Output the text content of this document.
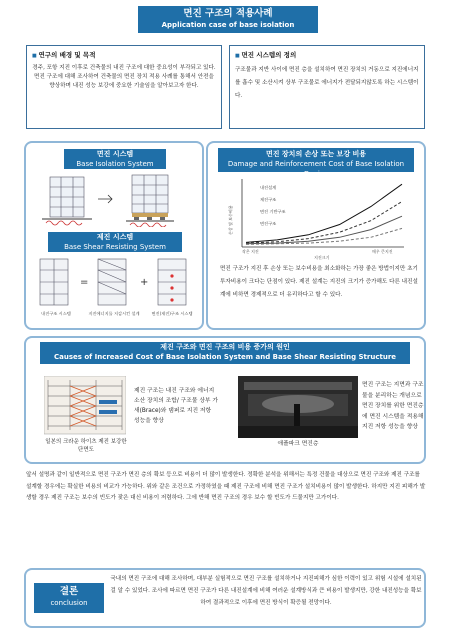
면진 구조의 적용사례
Application case of base isolation
■ 연구의 배경 및 목적
경주, 포항 지진 이후로 건축물의 내진 구조에 대한 중요성이 부각되고 있다. 면진 구조에 대해 조사하여 건축물의 면진 장치 적용 사례를 통해서 안전을 향상하며 내진 성능 보강에 중요한 기술임을 알아보고자 한다.
■ 면진 시스템의 정의
구조물과 지반 사이에 면진 층을 설치하여 면진 장치의 거동으로 지진에너지를 흡수 및 소산시켜 상부 구조물로 에너지가 전달되지않도록 하는 시스템이다.
면진 시스템
Base Isolation System
제진 시스템
Base Shear Resisting System
=	+
내진구조 시스템	지진에너지를 저감시킨 설계	면진(제진)구조 시스템
면진 장치의 손상 또는 보강 비용
Damage and Reinforcement Cost of Base Isolation Device
손상 및 보수비용
지진크기
작은 지진	매우 큰지진
내진설계
제진구조
면진 기반구조
면진구조
면진 구조가 지진 후 손상 또는 보수비용을 최소화하는 가장 좋은 방법이지만 초기투자비용이 크다는 단점이 있다. 제진 설계는 지진의 크기가 증가해도 다른 내진설계에 비하면 경제적으로 더 유리하다고 할 수 있다.
제진 구조와 면진 구조의 비용 증가의 원인
Causes of Increased Cost of Base Isolation System and Base Shear Resisting Structure
제진 구조는 내진 구조와 에너지 소산 장치의 조합/ 구조물 상부 가새(Brace)와 댐퍼로 지진 저항 성능을 향상
일본의 크라운 하이츠 제진 보강한 단면도
애플파크 면진층
면진 구조는 지면과 구조물을 분리하는 개념으로 면진 장치를 위한 면진층에 면진 시스템을 적용해 지진 저항 성능을 향상
앞서 설명과 같이 일반적으로 면진 구조가 면진 층의 확보 등으로 비용이 더 많이 발생한다. 정확한 분석을 위해서는 특정 건물을 대상으로 면진 구조와 제진 구조를 설계할 경우에는 확실한 비용의 비교가 가능하다. 위와 같은 조건으로 가정하였을 때 제진 구조에 비해 면진 구조가 설치비용이 많이 발생한다. 하지만 지진 피해가 발생할 경우 제진 구조는 보수의 빈도가 잦은 대신 비용이 저렴하다. 그에 반해 면진 구조의 경우 보수 할 빈도가 드물지만 고가이다.
결론
conclusion
국내의 면진 구조에 대해 조사하며, 대부분 실험적으로 면진 구조를 설치하거나 지진피해가 심한 이력이 있고 위험 시설에 설치된 걸 알 수 있었다. 조사에 따르면 면진 구조가 다른 내진설계에 비해 여러운 설계방식과 큰 비용이 발생지만, 강한 내진성능을 확보하여 결과적으로 이후에 면진 방식이 확증될 전망이다.
